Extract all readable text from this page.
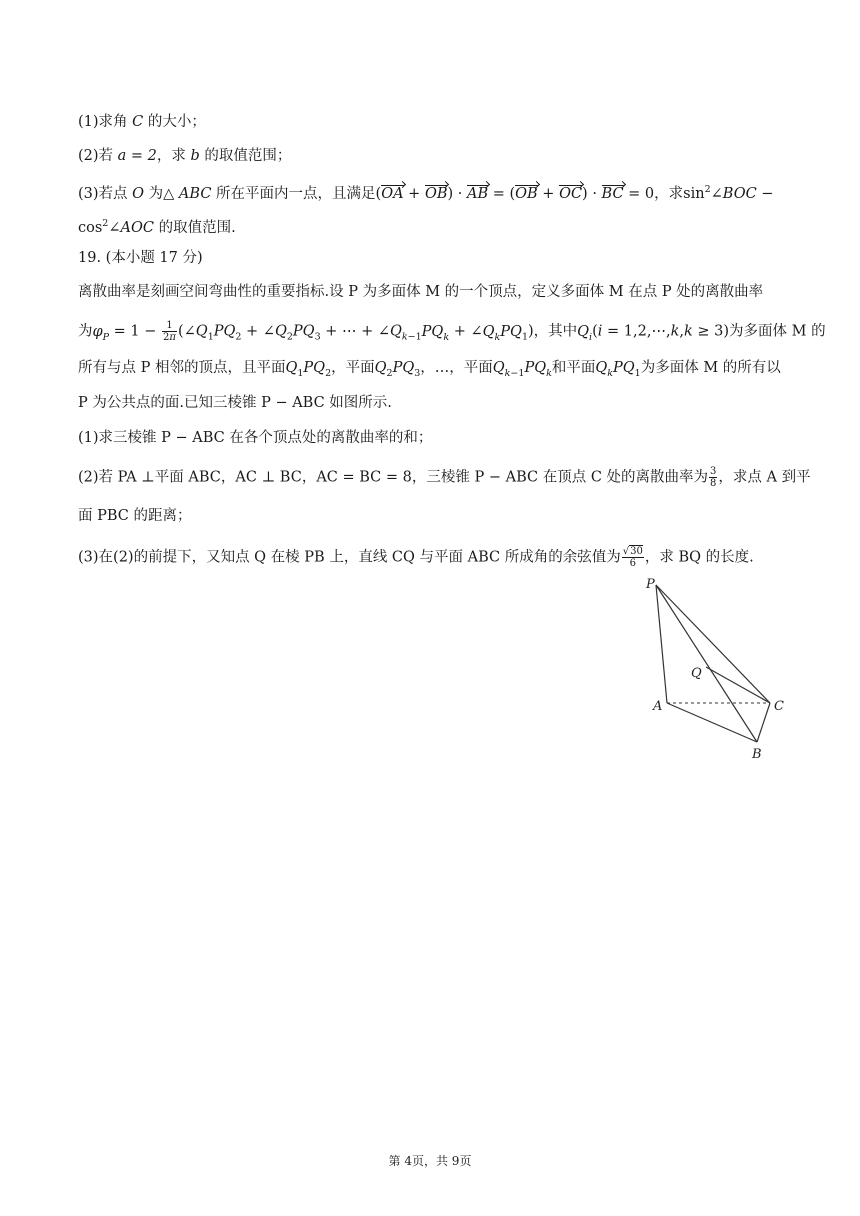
(1)求角 C 的大小；
(2)若 a = 2，求 b 的取值范围；
(3)若点 O 为△ ABC 所在平面内一点，且满足(OA + OB) · AB = (OB + OC) · BC = 0，求$\sin^2\angle BOC$ −
$\cos^2\angle AOC$ 的取值范围.
19. (本小题 17 分)
离散曲率是刻画空间弯曲性的重要指标.设 P 为多面体 M 的一个顶点，定义多面体 M 在点 P 处的离散曲率
为$\varphi_P = 1 - \frac{1}{2\pi}$ ($\angle Q_1PQ_2$ + $\angle Q_2PQ_3$ + ⋯ + $\angle Q_{k-1}PQ_k$ + $\angle Q_kPQ_1$)，其中$Q_i(i$ = 1,2,⋯,k,k ≥ 3)为多面体 M 的
所有与点 P 相邻的顶点，且平面$Q_1PQ_2$，平面$Q_2PQ_3$，…，平面$Q_{k-1}PQ_k$和平面$Q_kPQ_1$为多面体 M 的所有以
P 为公共点的面.已知三棱锥 P − ABC 如图所示.
(1)求三棱锥 P − ABC 在各个顶点处的离散曲率的和；
(2)若 PA ⊥平面 ABC，AC ⊥ BC，AC = BC = 8，三棱锥 P − ABC 在顶点 C 处的离散曲率为 $\frac{3}{8}$ ，求点 A 到平
面 PBC 的距离；
(3)在(2)的前提下，又知点 Q 在棱 PB 上，直线 CQ 与平面 ABC 所成角的余弦值为 $\frac{√30}{6}$ ，求 BQ 的长度.
P
Q
A	C
B
第 4页，共 9页
